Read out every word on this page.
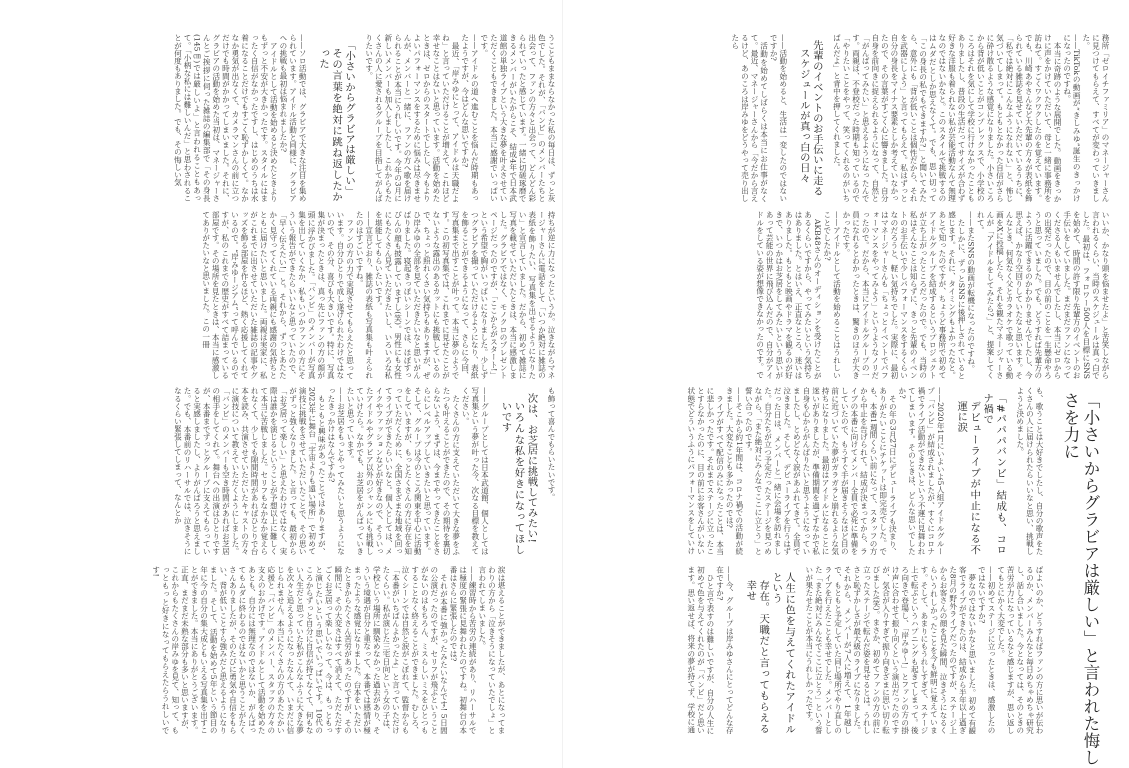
うこともままならなかった私の毎日は、ずっと灰色でした。それが、「バンビ」のメンバーたちと出会って、ファンの方々と出会って、どんどん彩られていったと感じています。一緒に切磋琢磨できるメンバーがいたからこそ、結成4年で日本武道館の単独ライブという大きな夢を叶えさせていただくこともできました。本当に感謝でいっぱいです。

——アイドルの道へ進むことを悩んだ時期もあったようですが、今はどんな思いですか?

最近、「岸みゆにとって、アイドルは天職だよね」と言っていただけることが増えて、これほど幸せなことはないと思っています。活動を始めたときは、ゼロからのスタートでしたし、今もよりよいパフォーマンスをするために悩みは尽きませんが、メンバーと一緒に、ファンの方へ歌を届けられることが本当にうれしいです。今年の3月に新しいメンバーも加入しましたし、これからもたくさんの人に愛されるグループを目指してがんばりたいです。

「小さいからグラビアは厳しい」
その言葉を絶対に跳ね返したかった

——ソロ活動では、グラビアで大きな注目を集められています。アイドル活動と同様に、グラビアへの挑戦も最初は悩まれましたか?

アイドルとして活動を始めると決めたときよりもずっと不安が大きかったです。スタイルにはまったく自信がなかったですし、はじめのうちは水着になることだけでもすごく恥ずかしくて。なかなか勇気が出なくて、カメラマンさんの前に立つだけでも時間がかかってしまいました。それに、グラビアの活動を始めた当初は、マネージャーさんとご挨拶に伺った雑誌の編集部で「その身長(145㎝)では厳しいよ」と言われることもあって。「小柄な私には難しいんだ」と思わされることが何度もありました。でも、その悔しい気

持ちが逆に力になったというか。泣きながらマネージャーさんに電話をして「いつか絶対に雑誌の表紙を飾りたい、写真集を出せるようになりたい」と宣言していました。だから、初めて雑誌に写真を載せていただいたときは、本当に感激しました。グラビアではなく、モノクロのプレゼントページだったのですが、「ここからがスタート!」という希望で胸がいっぱいになりました。少しずつグラビアを撮っていただけるようになり、表紙を飾ることができるようになって、さらに今回、写真集まで出すことが叶って。本当に夢のようです。この初写真集では、これまでに見せたことがないような露出のあるカットにも挑戦しているので、ちょっと照れくさい気持ちもありますが、ぜひ岸みゆの全部を見ていただきたいなと思いがんばりました。寝起きっぽいシーンでは、ほぼすっぴんの顔も披露していますし(笑)。男性にも女性にもたくさん見ていただきたいし、いろいろな私を堪能してもらいたいです。

——宣言どおり、雑誌の表紙も写真集も叶えられたのはすごいですね。

ファンの方の力で実現させてもらえたと思っています。自分ひとりで成し遂げられたわけではないので、その分、喜びも大きいです。特に、写真集が決まったときは、真っ先にファンの方の顔が頭に浮かびました。「バンビ」のメンバーが写真集を出していくなか、私もいつかファンの方にそういう報告ができたらいいなと思っていたので、「早く伝えたい!」と。それから、ずっとあたたかく見守ってくれている両親にも感謝の気持ちとともに届けたいと思いました。両親は実家に、私がこれまでに出させていただいた雑誌の記事やグッズを飾る部屋を作るほど、熱く応援してくれているので。“岸みゆージアム”って呼んでいるのですが、私のこれまでの歴史がすべて詰まっている部屋です。その場所を見たときは、本当に感激してありがたいなと思いました。この一冊

も飾って喜んでもらいたいです。

次は、お芝居に挑戦してみたい!
いろんな私を好きになってほしいです

——グループとしては日本武道館、個人としては写真集という夢が叶った今、次なる目標を教えてください。

たくさんの方に支えていただいて大きな夢をふたつも叶えることができたので、その期待を裏切らないよう、まずは、今までやってきたことをさらにレベルアップしていきたいと思っています。そして、グループは今のところ関東を中心に活動をしていますが、もっとたくさんの方に存在を知っていただくために、全国さまざまな地域を回ってライブができたらいいなと。個人としては、メイクやファッションなどが好きなので、そういったアイドルやグラビア以外のジャンルにも挑戦していけたら。なかでも、お芝居をがんばっていきたいと思っています。

——お芝居をもっとやってみたいと思うようになったきっかけはなんですか?

もともと興味があったことではありますが、2023年に舞台「宇宙よりも遠い場所」で初めて演技に挑戦をさせていただいたことで、その思いがずっと強くなりました。と言っても、最初から「お芝居って楽しい」と思えたわけではなく、実際は誰かを演じるということが予想以上に難しくて本当に苦戦しました。セリフもなかなか覚えられなくて、少しでも隙間時間があればひとりで台本を読み、共演させていただいたキャストの方々に演技について教えていただくようにしました。「バンビ」のメンバーも空き時間があればお芝居の相手をしてくれて。舞台への出演はひとりですが、本番までずっとグループに支えてもらっていると実感しましたし、よりがんばろうと思えました。でも、本番前のリハーサルでは、泣きそうになるくらい緊張してしまって、なんとか

涙は堪えることができましたが、あとになってまわりの方から「泣きそうになっていたでしょ」と言われてしまいました。

——練習時から苦労の連続があり、リハーサルでは極度の緊張に見舞われたのですね。初舞台の本番はさらに緊張したのでは?

それが本番に強かったみたいなんです! 5日間の公演だったのですが、セリフが飛ぶということがないのはもちろん、ミスらしいミスをひとつもすることなく終えることができました。むしろ、泣くシーンでは自然と涙がこぼれて、監督からも「本番がいちばんよかったよ」と言っていただけたくらい。私が演じた三宅日向という女の子は、学校という場所に馴染めなかった過去があり、そういう境遇が自分と重なって、本番では感情が極まったような感覚になりました。台本をいただいたときからたくさん苦労があったのですが、その瞬間に、その大変さはすべて消えて、ただただすごくお芝居って楽しいなって。今は、もっともっと演じたいという思いでいっぱいです。10代のころからずっと自分に自信が持てなくて、何もない人生だと思っていた私がこんなふうに大きな夢を次々と追えるようになったなんて、いまだに信じられません。本当にたくさんの方のあたたかい応援と「バンビ」のメンバー、スタッフの方々の支えのおかげです。アイドルとして活動を始めたあとも、自分には無理なのではないか、がんばってもムダに終わるのではないかと思うことがたくさんありましたが、そのたびに勇気や自信をもらい、背が低いことすら強みだと思えるようになりました。そして、活動を始めて5年という節目の年に今の自分の集大成ともいえる写真集を出すことができました。本当にありがとうございます。正直、まだまだ未熟な部分も多いと思いますが、これからもたくさんの岸みゆを見て、知って、もっともっと好きになってもらえたらうれしいです!

務所「ゼロイチファミリア」のマネージャーさんに見つけてもらえて、すべてが変わっていきました。

——TikTokの動画が“きしみゆ”誕生のきっかけになったのですね。

本当に奇跡のような展開でした。動画をきっかけに声をかけていただいて、母と一緒に事務所を訪ねて。すごくワクワクしたのを覚えています。でも、川崎あやさんなど大先輩の方々が表紙を飾られている雑誌を見せていただいているうちに、「私では絶対にこんなふうになれない」と、怖じ気づいてしまって。もともとなかった自信がさらに砕け散るような感覚になりました。小さいころから背が低いことがコンプレックスで、小学校のころはそれを気にして学校に行けなかったこともありましたし、普段の生活だってサイズが合わず好きな洋服も着られない私が芸能活動なんて無理なのではないかなと。このスタイルで挑戦するのはムダだとしか思えなくて。でも、思い切って「この身長の私でもできますか?」と聞いてみたら、意外にも「背が低いことは個性だから、それを武器にしよう」と言ってもらえて。私はずっと自分の身長をマイナス要素としか考えていなかったので、その言葉がすごく心に響きました。自分自身を前向きに捉えられるようになって、自然と「がんばってみたい」と思えるようになったんです。両親は、不登校だった時期も知っているので「やりたいことをやって、笑ってくれるのがいちばんだよ」と背中を押してくれました。

先輩のイベントのお手伝いに走る
スケジュールが真っ白の日々

——活動を始めると、生活は一変したのではないですか?

活動を始めてしばらくは本当にお仕事がなくて。最近、マネージャーさんから「今だから言えるけど、あのころは岸みゆをどうやって売り出したら

いいか、かなり頭を悩ませたよ」と苦笑しながら言われるくらい、当時のスケジュールは真っ白でした。最初は、フォロワー500人を目標にSNSを始めて、時間の許す限り先輩方のイベントのお手伝いをしていました。まだまだファンになってくださる人もいませんでしたし、本当にゼロからの出発だったので、目の前のことを一生懸命やろうと思っていました。でも、どうすれば先輩方のように活躍できるのかわかりませんでしたし、今思えば、かなり空回りしていたなと思います。そんなとき、何気なく父とカラオケで歌っている動画をXに投稿したら、それを観たマネージャーさんが「アイドルをしてみたら?」と、提案してくれて。

——またSNSの動画が転機になったのですね。

たしかに、ずっとSNSに後押しされていると感じます。それに、タイミングもよかったなと。あとで知ったのですが、ちょうど事務所で初めてアイドルグループを結成するというプロジェクトが立ち上がったところだったので。でも、当時の私はそんなことは知らずに、きっと先輩のイベントのお手伝いで少しパフォーマンスをするくらいなのだろうと、軽い気持ちでした。実際に、最初はマネージャーさんも「ちょっとイベントでパフォーマンスをやってみよう」というようなノリだったので。だから、本当にアイドルグループの一員になれるとわかったときは、驚きのほうが大きかったです。

——アイドルとして活動を始めることはうれしいことでしたか?

AKB48さんのオーディションを受けたことがあるくらいですから、やってみたいという気持ちはありました。とはいえ、正直なところ、迷いはありました。もともと映画やドラマを観るのが好きで、いつかはお芝居をしてみたいという思いがあって芸能の世界に飛び込んだので、自分がアイドルをしている姿が想像できなかったのです。で

も、歌うことは大好きでしたし、自分の歌声をたくさんの人に届けられたらいいなと思い、挑戦しようと決めました。

「#パパパバンビ」結成も、コロナ禍で
デビューライブが中止になる不運に涙

——2020年1月にいよいよ5人組アイドルグループ「バンビ」が結成されましたが、すぐにコロナ禍でライブ活動ができないという不運に見舞われてしまいます。そのときは、どんな思いでしたか?

その年の3月27日にデビューライブも決まり、ありがたいことにチケットは即完売でした。でも、本番1週間くらい前になって、スタッフの方から中止を告げられて。結成が決まってから、ライブの本番に向けてメンバー全員で必死に準備をしていたので、もうすぐ手が届きそうなほど目の前に近づいていた夢がガラガラと崩れるような気持ちになりました。最初はアイドルになることに迷いがありましたが、準備期間を過ごすなかで私自身も心からがんばりたいと思うようになっていましたし、とめどなく涙があふれてきて。全員で泣きました。そして、デビューライブを行うはずだった日は、メンバーと一緒に会場を訪れました。自分たちが立つ予定だったステージを見つめながら、「また絶対にみんなでここに立とう」と誓い合ったのです。

——そこから約1年間は、コロナ禍での活動が続きました。大変なことも多かったのでは?

ライブがすべて配信のみになったことは、本当に悲しかったです。それまでステージに立ったことすらなかったのに、目の前にお客さんがいない状態でどういうふうにパフォーマンスをしていけ

ばよいのか、どうすればファンの方に思いが伝わるのか、メンバーみんなと毎日めちゃめちゃ研究し、話し合いました。今となっては、そのときの苦労が力になっているなと感じますが、思い返してもとにかく大変でした。

——初めてステージに立ったときは、感激したのではないですか?

夢なのではないかなと思いました。初めて有観客でライブができたのは、結成から半年以上過ぎた8月の野外ライブだったのですが、ステージ上からお客さんの顔を見た瞬間、泣きそうになるくらいうれしかったことを今も鮮明に覚えています。そして、あまりにもうれしすぎて、ステージ上で転ぶというハプニングも起きてしまって。後ろ向きで登場し、「岸みゆ〜!」とファンの方の掛け声に合わせて振り向くという演出だったのですが、気合が入りすぎて振り向きざまに思い切り転びました(笑)。まさか、初めてファンの方の前に立ったステージで転んだ姿を見せるとは。うれしさと恥ずかしさが最大級のライブになりました。それから、メンバーが7人に増えて、1年越しで、もともと予定していた同じ場所でやり直しのライブを行えたことも幸せでした。メンバーとした「また絶対にみんなでここに立とう」という誓いが果たせたことが本当にうれしかったです。

人生に色を与えてくれたアイドルという
存在。天職だと言ってもらえる幸せ

——今、グループは岸みゆさんにとってどんな存在ですか?

ひと言で表すのは難しいですが、自分の人生に初めて色を与えてくれたのが「バンビ」だと思います。思い返せば、将来の夢が持てず、学校に通	「小さいからグラビアは厳しい」と言われた悔しさを力に
